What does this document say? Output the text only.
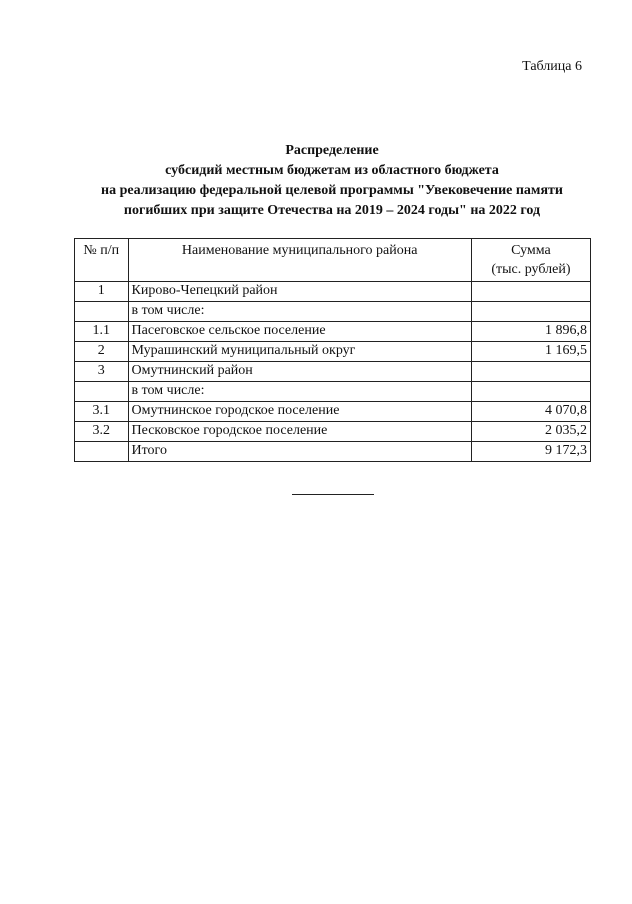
Таблица 6
Распределение
субсидий местным бюджетам из областного бюджета
на реализацию федеральной целевой программы "Увековечение памяти
погибших при защите Отечества на 2019 – 2024 годы" на 2022 год
№ п/п	Наименование муниципального района	Сумма
(тыс. рублей)

1	Кирово-Чепецкий район	
	в том числе:	
1.1	Пасеговское сельское поселение	1 896,8
2	Мурашинский муниципальный округ	1 169,5
3	Омутнинский район	
	в том числе:	
3.1	Омутнинское городское поселение	4 070,8
3.2	Песковское городское поселение	2 035,2
	Итого	9 172,3
